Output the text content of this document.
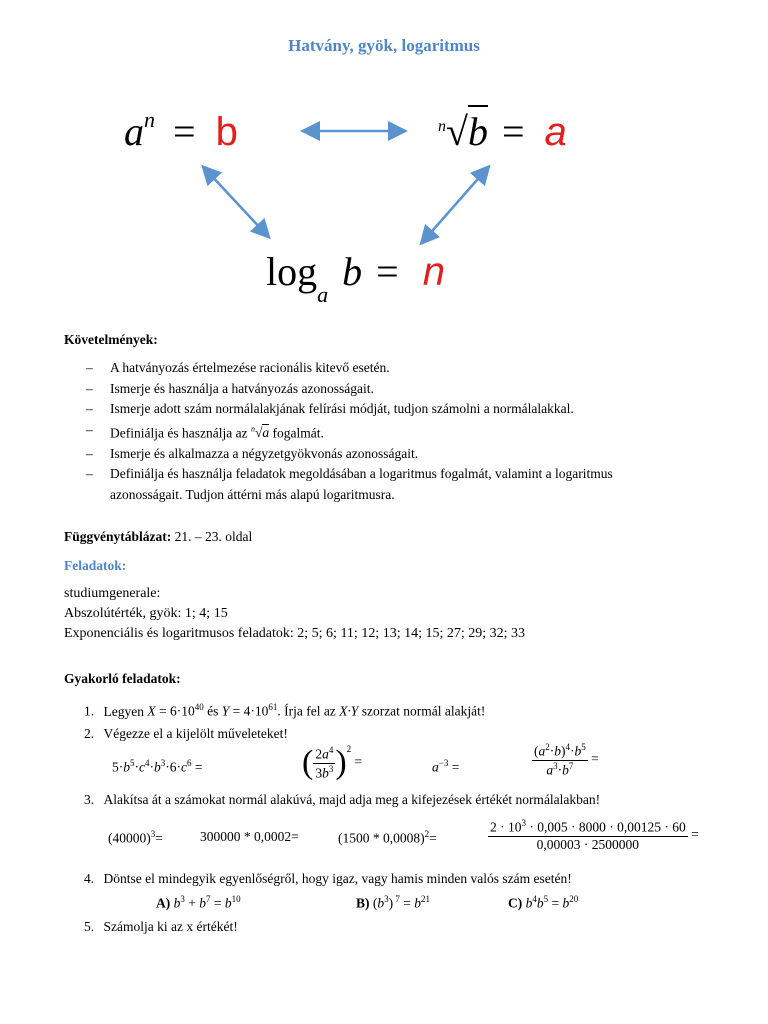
Hatvány, gyök, logaritmus
$a^n = b$	n √b = a
$\log_a b = n$
Követelmények:
– A hatványozás értelmezése racionális kitevő esetén.
– Ismerje és használja a hatványozás azonosságait.
– Ismerje adott szám normálalakjának felírási módját, tudjon számolni a normálalakkal.
– Definiálja és használja az $^n$√a fogalmát.
– Ismerje és alkalmazza a négyzetgyökvonás azonosságait.
– Definiálja és használja feladatok megoldásában a logaritmus fogalmát, valamint a logaritmus
azonosságait. Tudjon áttérni más alapú logaritmusra.
Függvénytáblázat: 21. – 23. oldal
Feladatok:
studiumgenerale:
Abszolútérték, gyök: 1; 4; 15
Exponenciális és logaritmusos feladatok: 2; 5; 6; 11; 12; 13; 14; 15; 27; 29; 32; 33
Gyakorló feladatok:
1. Legyen $X = 6\cdot 10^{40}$ és $Y = 4\cdot 10^{61}$. Írja fel az X·Y szorzat normál alakját!
2. Végezze el a kijelölt műveleteket!
$5\cdot b^5\cdot c^4\cdot b^3\cdot 6\cdot c^6$ =	( $\frac{2a^4}{3b^3} )^2$ =	$a^{-3}$ =	$\frac{(a^2\cdot b)^4\cdot b^5}{a^3\cdot b^7}$ =
3. Alakítsa át a számokat normál alakúvá, majd adja meg a kifejezések értékét normálalakban!
$(40000)^3=$	300000 * 0,0002=	(1500 * 0,0008)$^2$=	$\frac{2 \cdot 10^3 \cdot 0,005 \cdot 8000 \cdot 0,00125 \cdot 60}{0,00003 \cdot 2500000}$ =
4. Döntse el mindegyik egyenlőségről, hogy igaz, vagy hamis minden valós szám esetén!
A) $b^3 + b^7 = b^{10}$	B) $(b^3) ^7 = b^{21}$	C) $b^4b^5 = b^{20}$
5. Számolja ki az x értékét!
